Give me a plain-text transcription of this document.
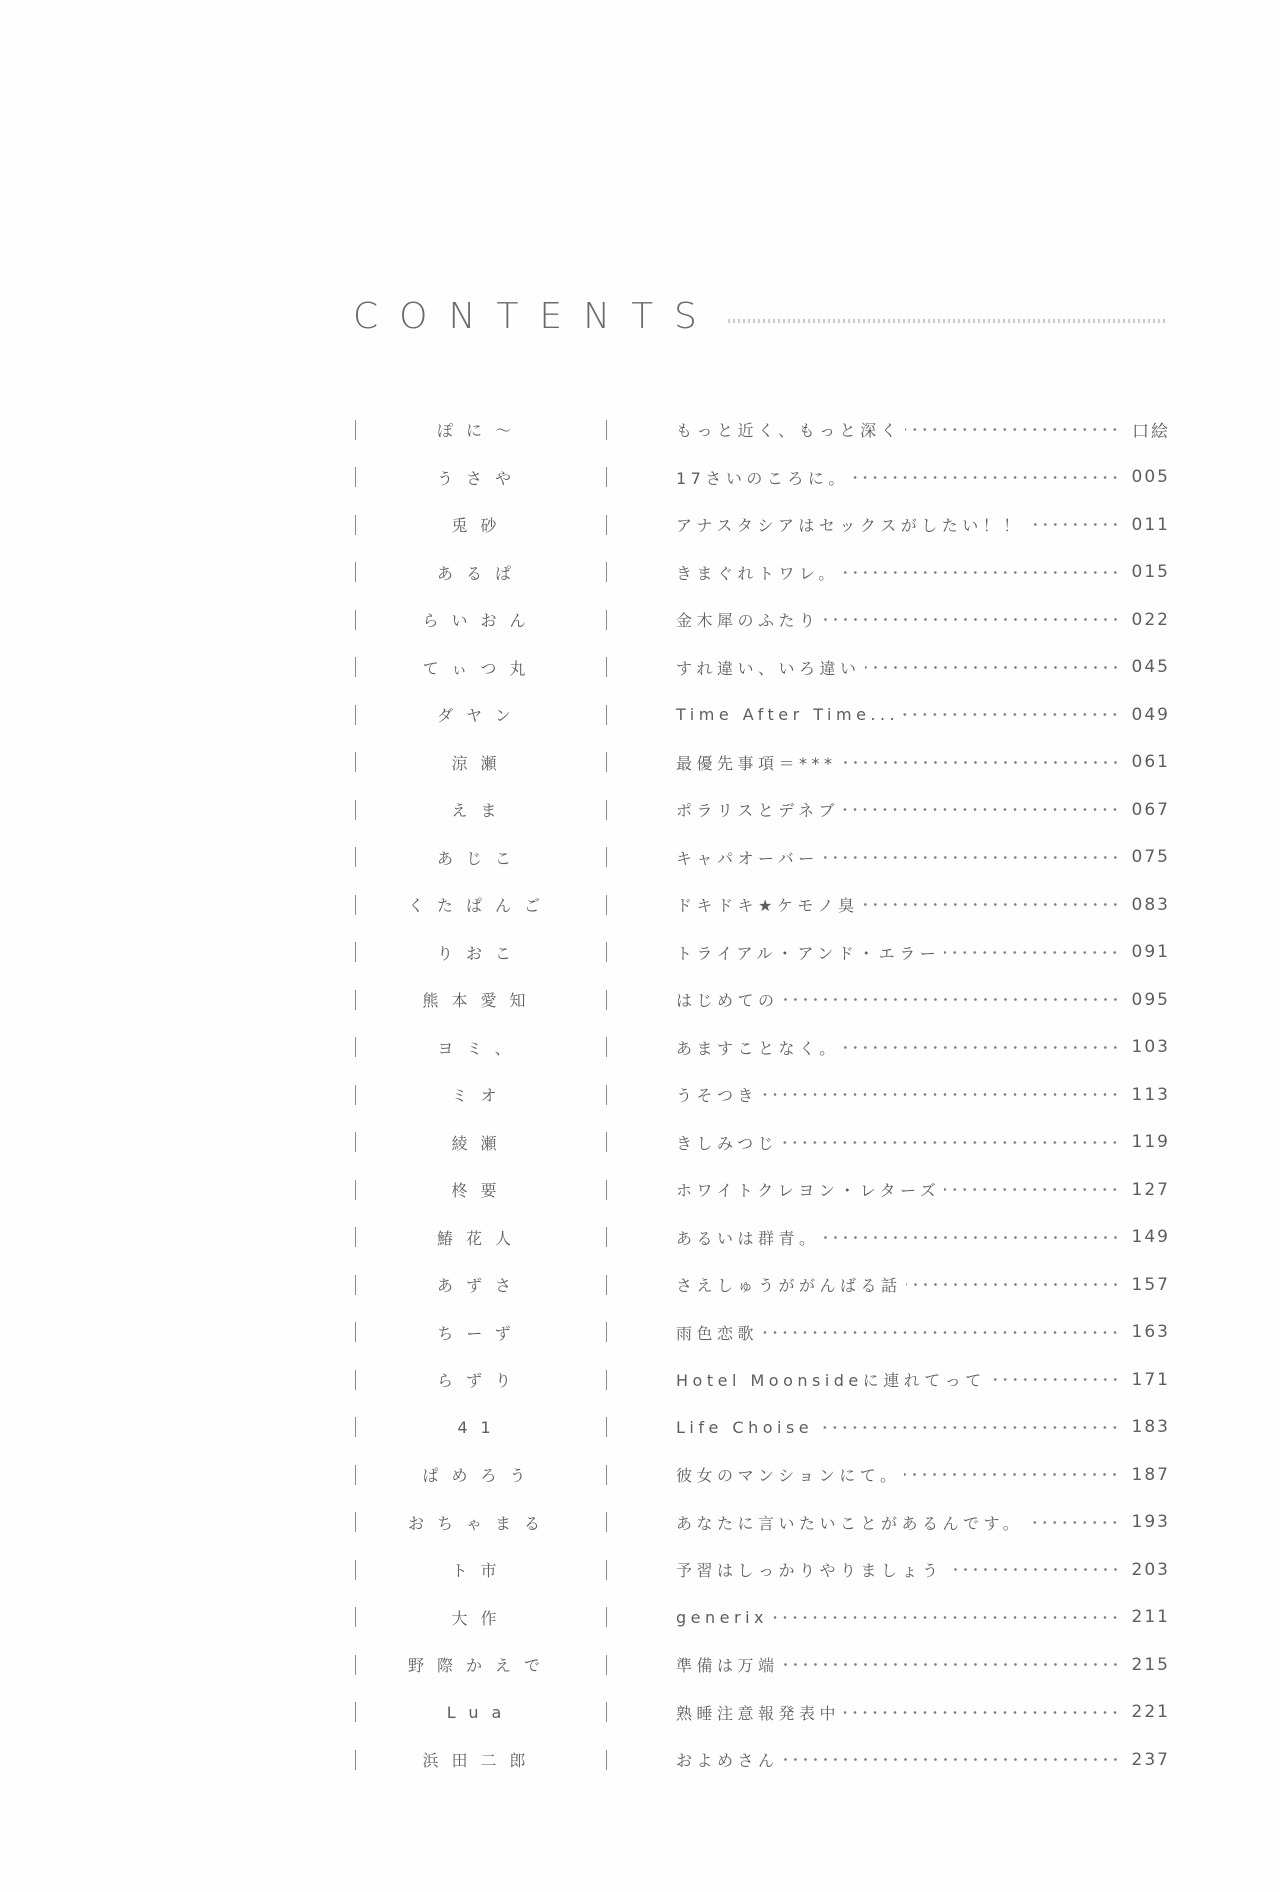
CONTENTS
ぽに～	もっと近く、もっと深く	口絵
うさや	17さいのころに。	005
兎砂	アナスタシアはセックスがしたい！！	011
あるぱ	きまぐれトワレ。	015
らいおん	金木犀のふたり	022
てぃつ丸	すれ違い、いろ違い	045
ダヤン	Time After Time...	049
涼瀬	最優先事項＝***	061
えま	ポラリスとデネブ	067
あじこ	キャパオーバー	075
くたぱんご	ドキドキ★ケモノ臭	083
りおこ	トライアル・アンド・エラー	091
熊本愛知	はじめての	095
ヨミ、	あますことなく。	103
ミオ	うそつき	113
綾瀬	きしみつじ	119
柊要	ホワイトクレヨン・レターズ	127
鰆花人	あるいは群青。	149
あずさ	さえしゅうががんばる話	157
ちーず	雨色恋歌	163
らずり	Hotel Moonsideに連れてって	171
41	Life Choise	183
ぱめろう	彼女のマンションにて。	187
おちゃまる	あなたに言いたいことがあるんです。	193
ト市	予習はしっかりやりましょう	203
大作	generix	211
野際かえで	準備は万端	215
Lua	熟睡注意報発表中	221
浜田二郎	およめさん	237
